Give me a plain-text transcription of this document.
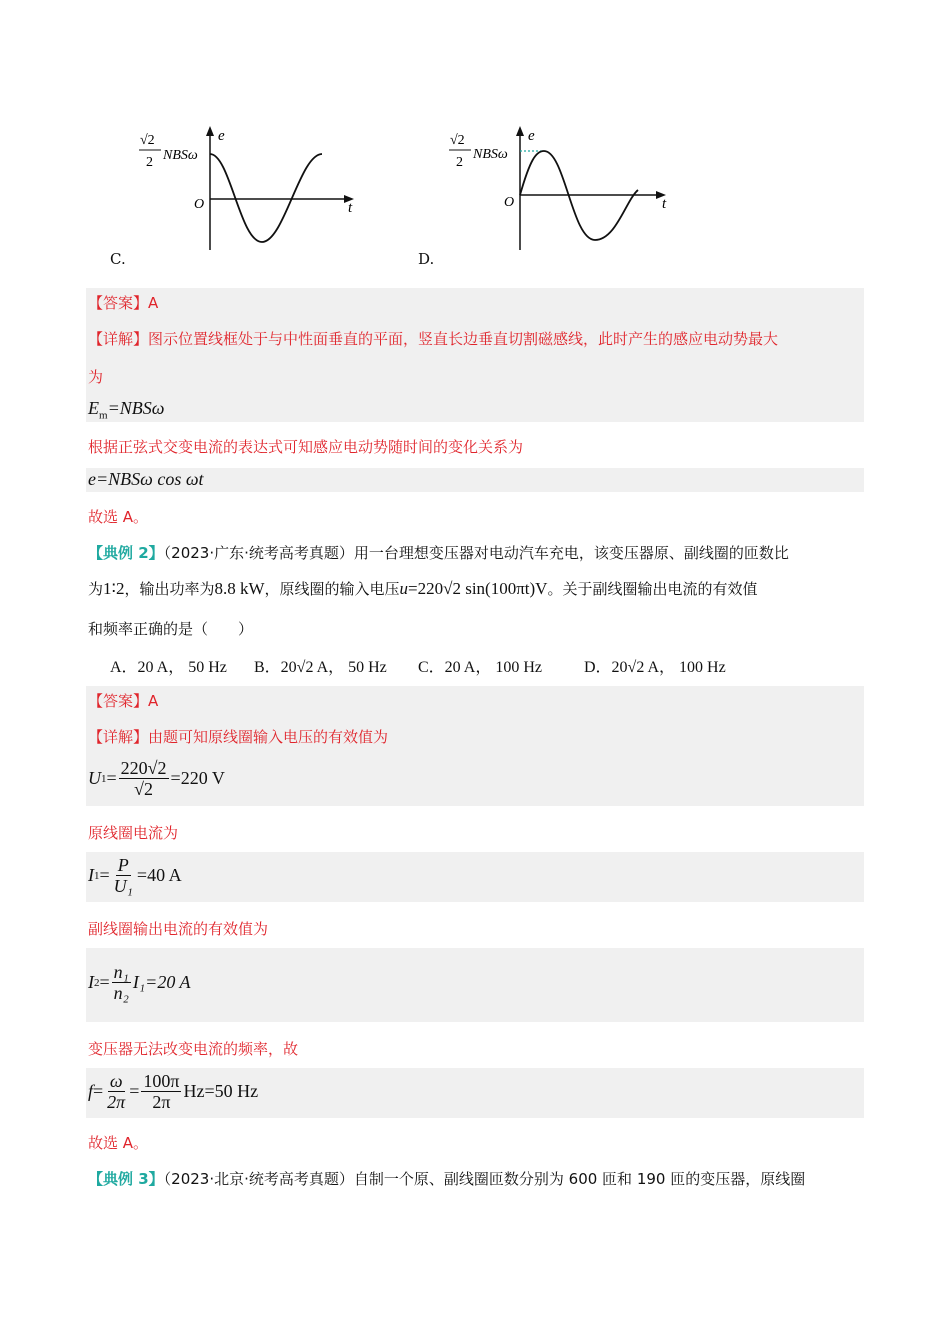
e
t
O
√2
2 NBSω
C.
e
t
O
√2
2
NBSω
D.
【答案】A
【详解】图示位置线框处于与中性面垂直的平面，竖直长边垂直切割磁感线，此时产生的感应电动势最大
为
$E_m=NBS\omega$
根据正弦式交变电流的表达式可知感应电动势随时间的变化关系为
e=NBSω cos ωt
故选 A。
【典例 2】（2023·广东·统考高考真题）用一台理想变压器对电动汽车充电，该变压器原、副线圈的匝数比
为1∶2，输出功率为8.8 kW，原线圈的输入电压u=220√2 sin(100πt)V。关于副线圈输出电流的有效值
和频率正确的是（　　）
A．20 A， 50 Hz B．20√2 A， 50 Hz C．20 A， 100 Hz	D．20√2 A， 100 Hz
【答案】A
【详解】由题可知原线圈输入电压的有效值为
U $1 = \frac{220√2}{√2} =220$ V
原线圈电流为
I $1 = \frac{P}{\text{U₁}} =40$ A
副线圈输出电流的有效值为
I $2 = \frac{\text{n₁}}{\text{n₂}} I_1=20$ A
变压器无法改变电流的频率，故
$f = \frac{\omega}{2\pi} = \frac{100\pi}{2\pi} Hz=50$ Hz
故选 A。
【典例 3】（2023·北京·统考高考真题）自制一个原、副线圈匝数分别为 600 匝和 190 匝的变压器，原线圈
